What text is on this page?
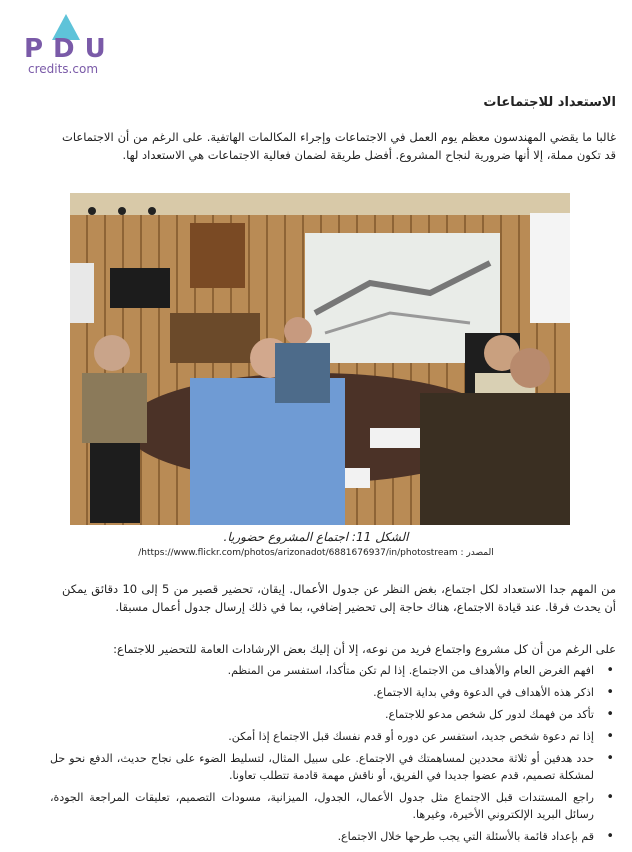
PDU
credits.com
الاستعداد للاجتماعات
غالبا ما يقضي المهندسون معظم يوم العمل في الاجتماعات وإجراء المكالمات الهاتفية. على الرغم من أن الاجتماعات قد تكون مملة، إلا أنها ضرورية لنجاح المشروع. أفضل طريقة لضمان فعالية الاجتماعات هي الاستعداد لها.
الشكل 11: اجتماع المشروع حضوريا.
المصدر : https://www.flickr.com/photos/arizonadot/6881676937/in/photostream/
من المهم جدا الاستعداد لكل اجتماع، بغض النظر عن جدول الأعمال. إيقان، تحضير قصير من 5 إلى 10 دقائق يمكن أن يحدث فرقا. عند قيادة الاجتماع، هناك حاجة إلى تحضير إضافي، بما في ذلك إرسال جدول أعمال مسبقا.
على الرغم من أن كل مشروع واجتماع فريد من نوعه، إلا أن إليك بعض الإرشادات العامة للتحضير للاجتماع:
• افهم الغرض العام والأهداف من الاجتماع. إذا لم تكن متأكدا، استفسر من المنظم.
• اذكر هذه الأهداف في الدعوة وفي بداية الاجتماع.
• تأكد من فهمك لدور كل شخص مدعو للاجتماع.
• إذا تم دعوة شخص جديد، استفسر عن دوره أو قدم نفسك قبل الاجتماع إذا أمكن.
• حدد هدفين أو ثلاثة محددين لمساهمتك في الاجتماع. على سبيل المثال، لتسليط الضوء على نجاح حديث، الدفع نحو حل لمشكلة تصميم، قدم عضوا جديدا في الفريق، أو ناقش مهمة قادمة تتطلب تعاونا.
• راجع المستندات قبل الاجتماع مثل جدول الأعمال، الجدول، الميزانية، مسودات التصميم، تعليقات المراجعة الجودة، رسائل البريد الإلكتروني الأخيرة، وغيرها.
• قم بإعداد قائمة بالأسئلة التي يجب طرحها خلال الاجتماع.
